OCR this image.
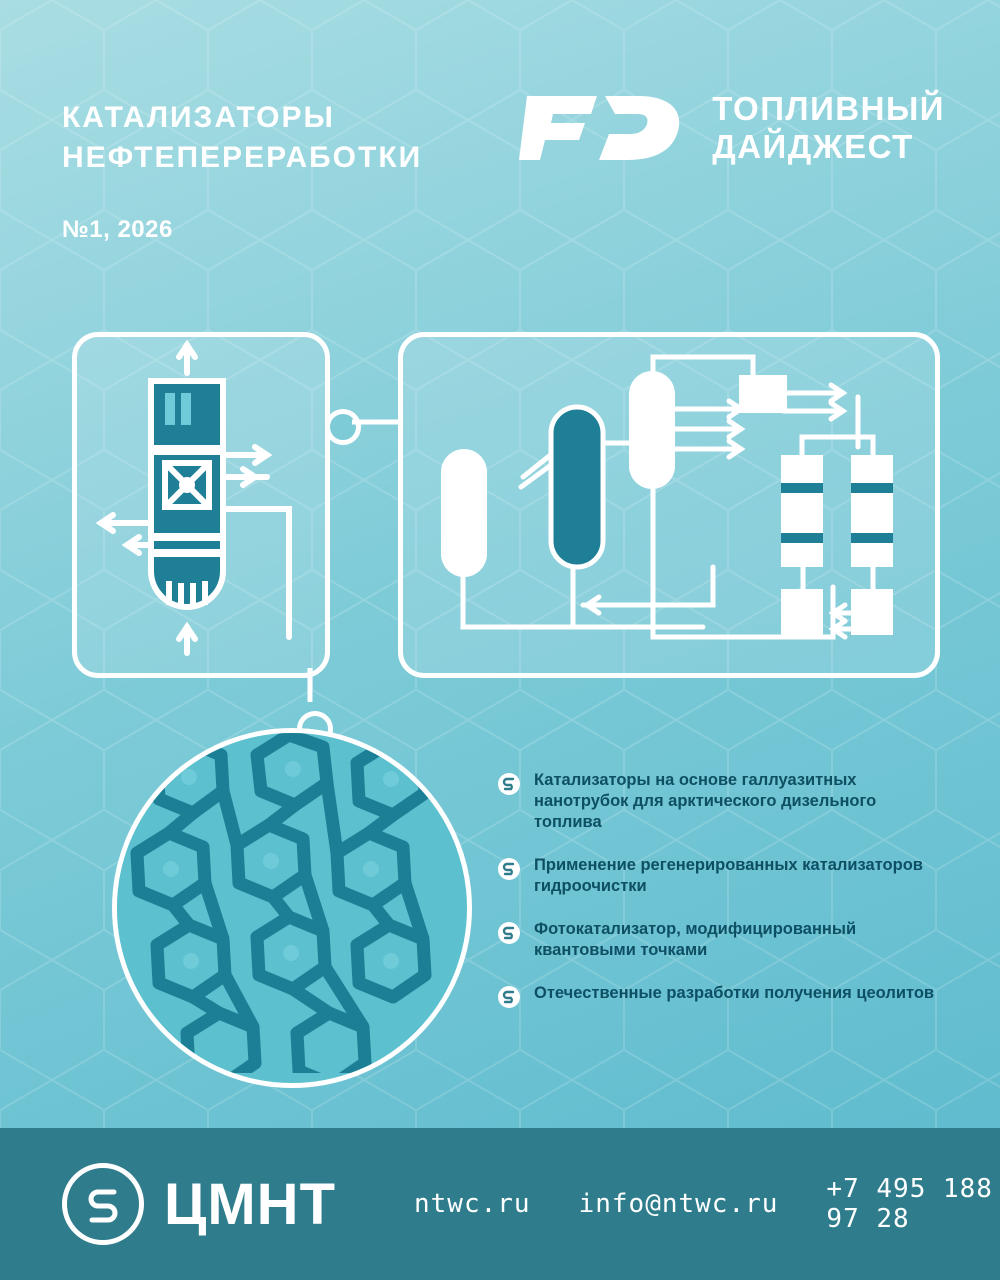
КАТАЛИЗАТОРЫ
НЕФТЕПЕРЕРАБОТКИ
№1, 2026
ТОПЛИВНЫЙ
ДАЙДЖЕСТ
Катализаторы на основе галлуазитных нанотрубок для арктического дизельного топлива
Применение регенерированных катализаторов гидроочистки
Фотокатализатор, модифицированный квантовыми точками
Отечественные разработки получения цеолитов
ЦМНТ	ntwc.ru info@ntwc.ru +7 495 188 97 28
